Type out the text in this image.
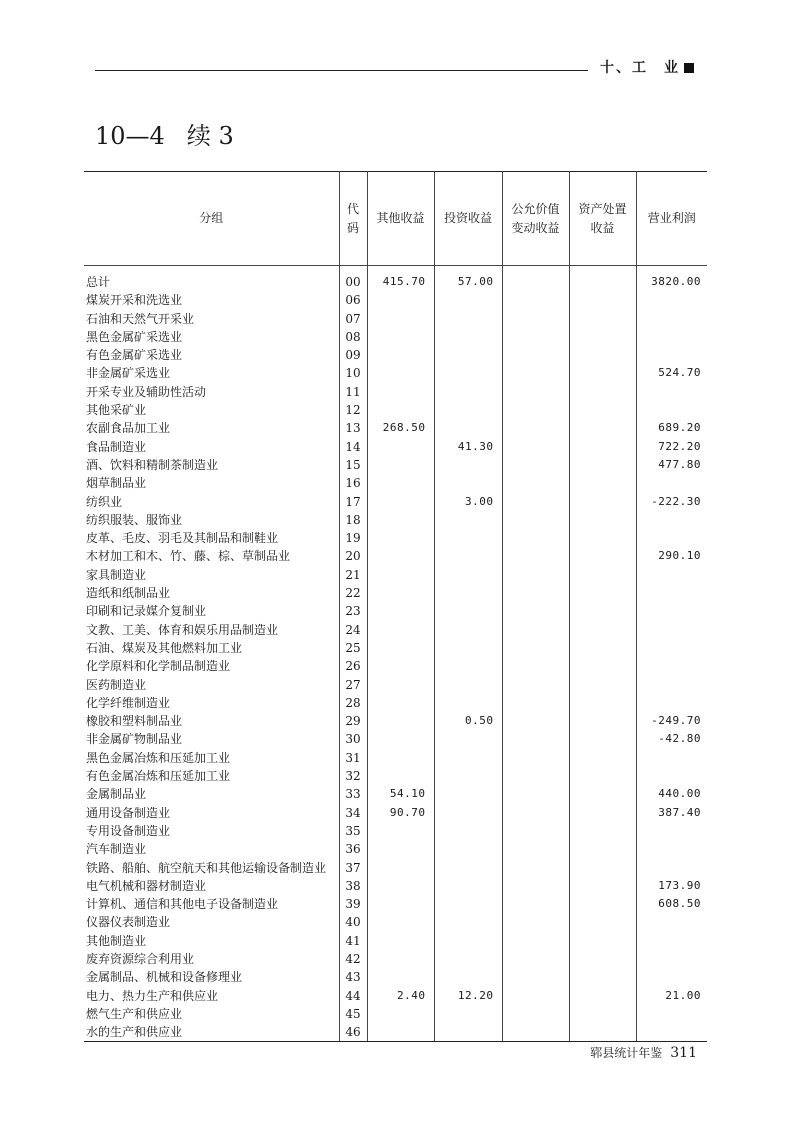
十、工　业
10—4 续 3
分组	代码	其他收益	投资收益	公允价值变动收益	资产处置收益	营业利润
总计	00	415.70	57.00			3820.00
煤炭开采和洗选业	06					
石油和天然气开采业	07					
黑色金属矿采选业	08					
有色金属矿采选业	09					
非金属矿采选业	10					524.70
开采专业及辅助性活动	11					
其他采矿业	12					
农副食品加工业	13	268.50				689.20
食品制造业	14		41.30			722.20
酒、饮料和精制茶制造业	15					477.80
烟草制品业	16					
纺织业	17		3.00			-222.30
纺织服装、服饰业	18					
皮革、毛皮、羽毛及其制品和制鞋业	19					
木材加工和木、竹、藤、棕、草制品业	20					290.10
家具制造业	21					
造纸和纸制品业	22					
印刷和记录媒介复制业	23					
文教、工美、体育和娱乐用品制造业	24					
石油、煤炭及其他燃料加工业	25					
化学原料和化学制品制造业	26					
医药制造业	27					
化学纤维制造业	28					
橡胶和塑料制品业	29		0.50			-249.70
非金属矿物制品业	30					-42.80
黑色金属冶炼和压延加工业	31					
有色金属冶炼和压延加工业	32					
金属制品业	33	54.10				440.00
通用设备制造业	34	90.70				387.40
专用设备制造业	35					
汽车制造业	36					
铁路、船舶、航空航天和其他运输设备制造业	37					
电气机械和器材制造业	38					173.90
计算机、通信和其他电子设备制造业	39					608.50
仪器仪表制造业	40					
其他制造业	41					
废弃资源综合利用业	42					
金属制品、机械和设备修理业	43					
电力、热力生产和供应业	44	2.40	12.20			21.00
燃气生产和供应业	45					
水的生产和供应业	46					
郓县统计年鉴 311
